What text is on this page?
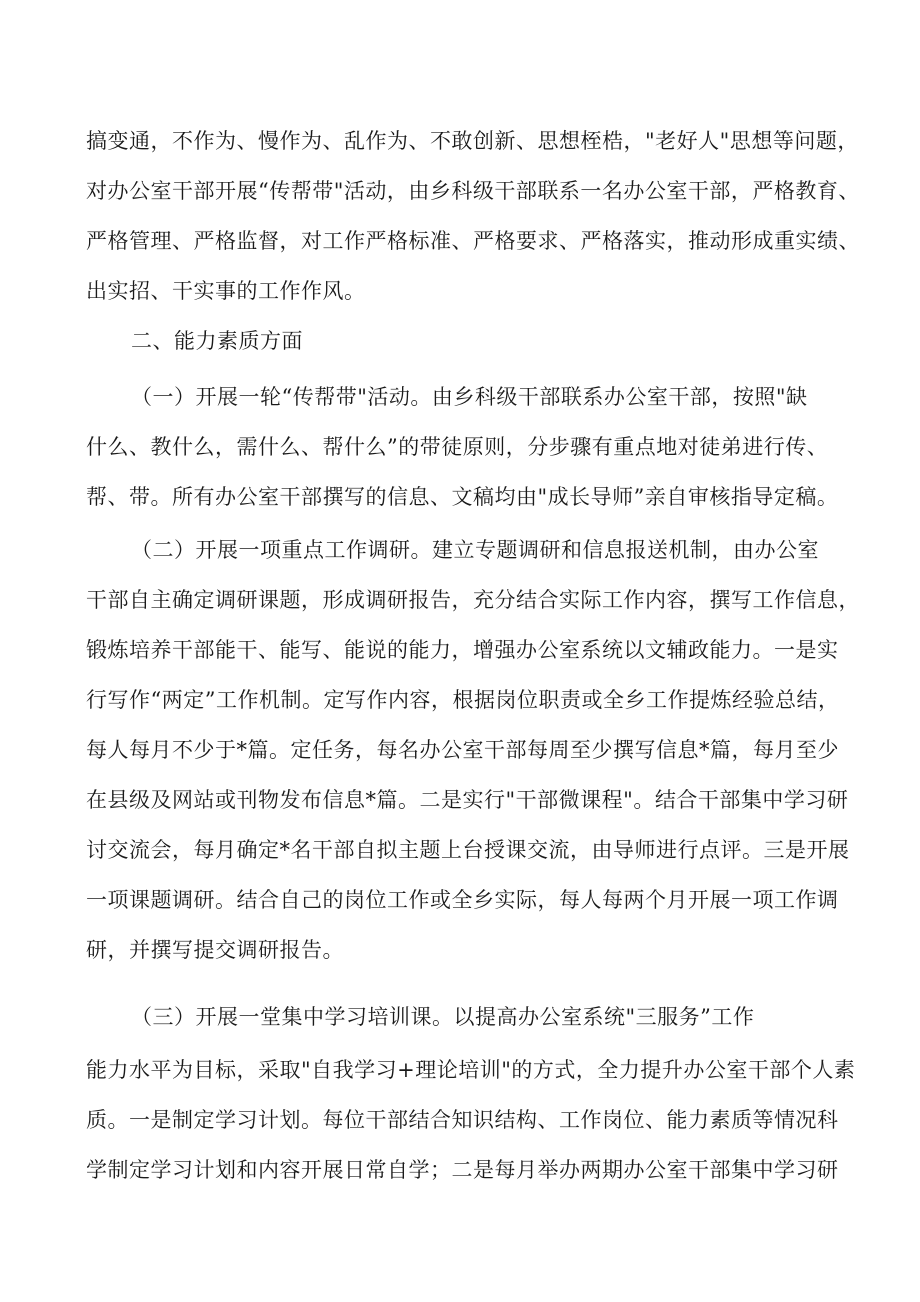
搞变通，不作为、慢作为、乱作为、不敢创新、思想桎梏，"老好人"思想等问题，
对办公室干部开展“传帮带"活动，由乡科级干部联系一名办公室干部，严格教育、
严格管理、严格监督，对工作严格标准、严格要求、严格落实，推动形成重实绩、
出实招、干实事的工作作风。
二、能力素质方面
（一）开展一轮“传帮带"活动。由乡科级干部联系办公室干部，按照"缺
什么、教什么，需什么、帮什么”的带徒原则，分步骤有重点地对徒弟进行传、
帮、带。所有办公室干部撰写的信息、文稿均由"成长导师”亲自审核指导定稿。
（二）开展一项重点工作调研。建立专题调研和信息报送机制，由办公室
干部自主确定调研课题，形成调研报告，充分结合实际工作内容，撰写工作信息，
锻炼培养干部能干、能写、能说的能力，增强办公室系统以文辅政能力。一是实
行写作“两定”工作机制。定写作内容，根据岗位职责或全乡工作提炼经验总结，
每人每月不少于*篇。定任务，每名办公室干部每周至少撰写信息*篇，每月至少
在县级及网站或刊物发布信息*篇。二是实行"干部微课程"。结合干部集中学习研
讨交流会，每月确定*名干部自拟主题上台授课交流，由导师进行点评。三是开展
一项课题调研。结合自己的岗位工作或全乡实际，每人每两个月开展一项工作调
研，并撰写提交调研报告。
（三）开展一堂集中学习培训课。以提高办公室系统"三服务”工作
能力水平为目标，采取"自我学习+理论培训"的方式，全力提升办公室干部个人素
质。一是制定学习计划。每位干部结合知识结构、工作岗位、能力素质等情况科
学制定学习计划和内容开展日常自学；二是每月举办两期办公室干部集中学习研
